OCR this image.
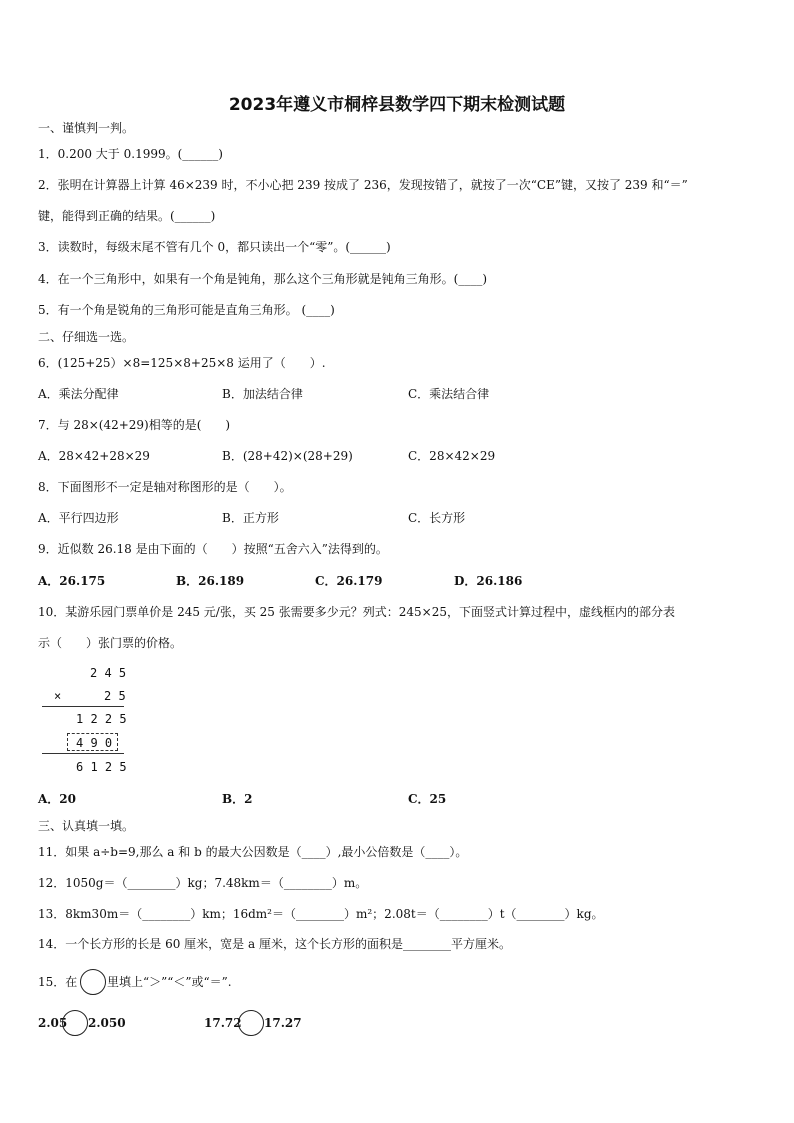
2023年遵义市桐梓县数学四下期末检测试题
一、谨慎判一判。
1．0.200 大于 0.1999。(______)
2．张明在计算器上计算 46×239 时，不小心把 239 按成了 236，发现按错了，就按了一次“CE”键，又按了 239 和“＝”
键，能得到正确的结果。(______)
3．读数时，每级末尾不管有几个 0，都只读出一个“零”。(______)
4．在一个三角形中，如果有一个角是钝角，那么这个三角形就是钝角三角形。(____)
5．有一个角是锐角的三角形可能是直角三角形。 (____)
二、仔细选一选。
6．(125+25）×8=125×8+25×8 运用了（　　）.
A．乘法分配律	B．加法结合律	C．乘法结合律
7．与 28×(42+29)相等的是(　　)
A．28×42+28×29	B．(28+42)×(28+29)	C．28×42×29
8．下面图形不一定是轴对称图形的是（　　）。
A．平行四边形	B．正方形	C．长方形
9．近似数 26.18 是由下面的（　　）按照“五舍六入”法得到的。
A．26.175	B．26.189	C．26.179	D．26.186
10．某游乐园门票单价是 245 元/张，买 25 张需要多少元？列式：245×25，下面竖式计算过程中，虚线框内的部分表
示（　　）张门票的价格。
2 4 5
×	2 5
1 2 2 5
4 9 0
6 1 2 5
A．20	B．2	C．25
三、认真填一填。
11．如果 a÷b=9,那么 a 和 b 的最大公因数是（____）,最小公倍数是（____）。
12．1050g＝（________）kg；7.48km＝（________）m。
13．8km30m＝（________）km；16dm²＝（________）m²；2.08t＝（________）t（________）kg。
14．一个长方形的长是 60 厘米，宽是 a 厘米，这个长方形的面积是________平方厘米。
15．在 里填上“＞”“＜”或“＝”.
2.05 2.050	17.72 17.27
